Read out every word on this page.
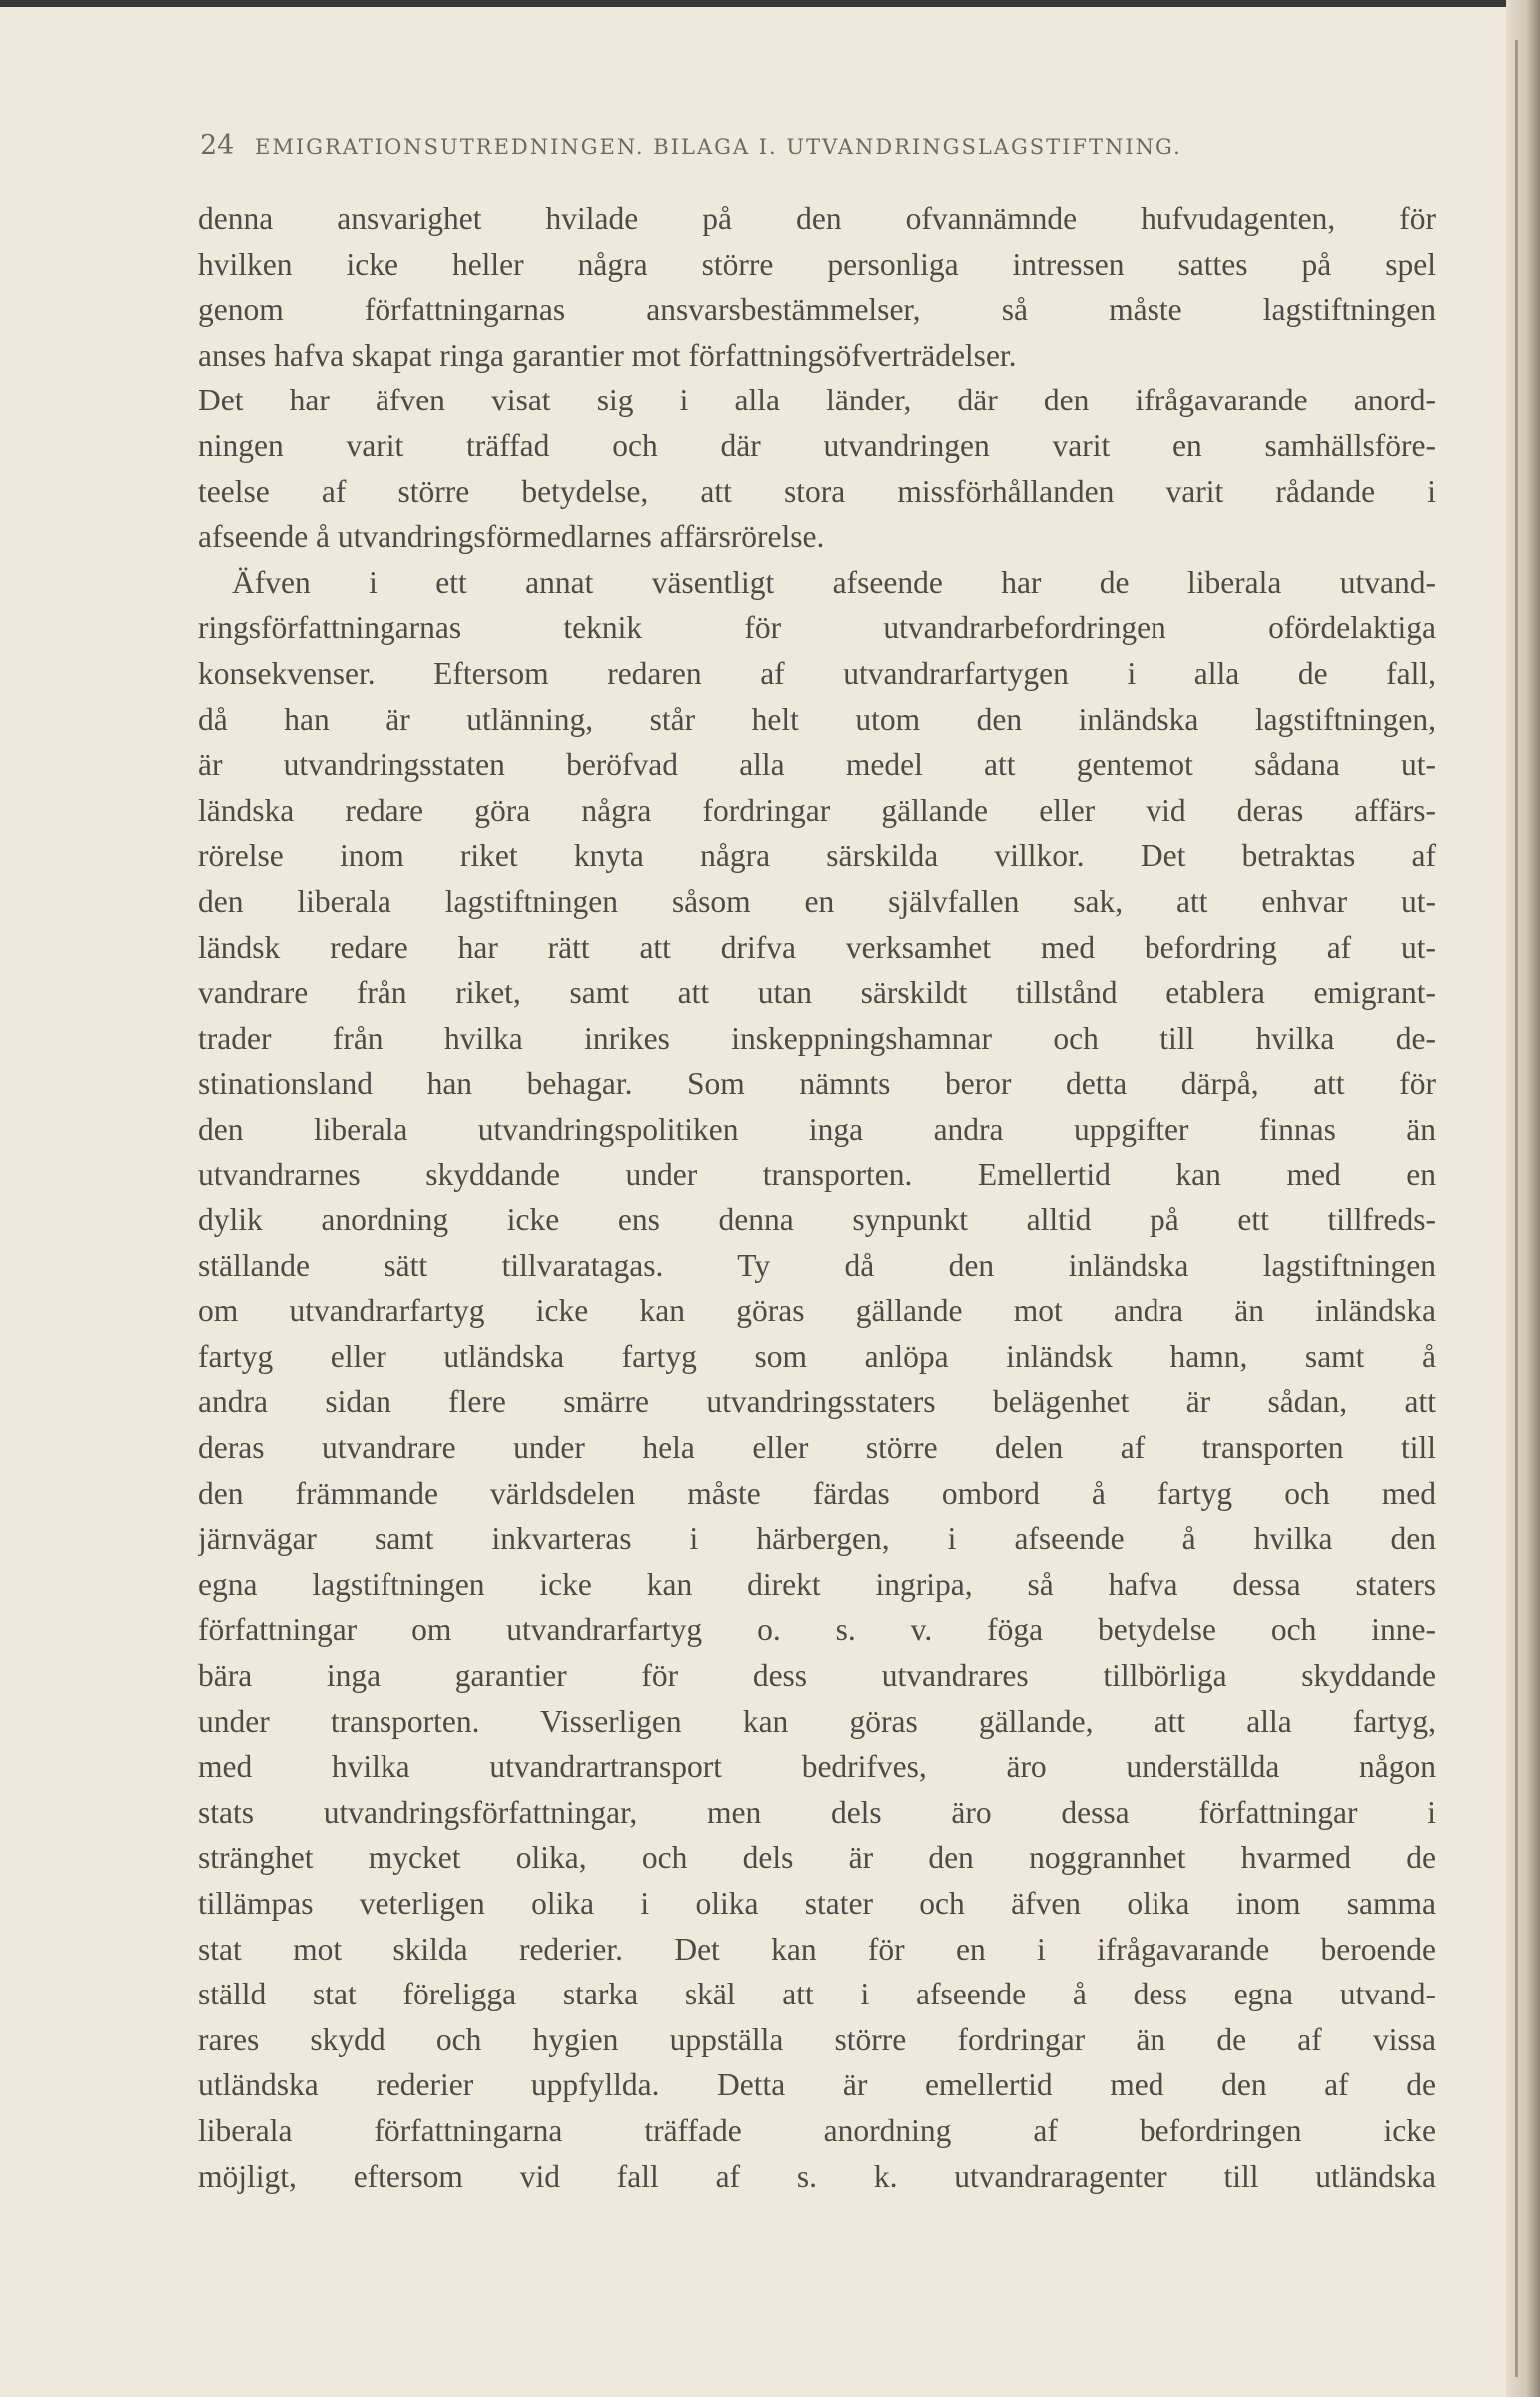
24 EMIGRATIONSUTREDNINGEN. BILAGA I. UTVANDRINGSLAGSTIFTNING.
denna ansvarighet hvilade på den ofvannämnde hufvudagenten, för
hvilken icke heller några större personliga intressen sattes på spel
genom författningarnas ansvarsbestämmelser, så måste lagstiftningen
anses hafva skapat ringa garantier mot författningsöfverträdelser.
Det har äfven visat sig i alla länder, där den ifrågavarande anord-
ningen varit träffad och där utvandringen varit en samhällsföre-
teelse af större betydelse, att stora missförhållanden varit rådande i
afseende å utvandringsförmedlarnes affärsrörelse.
Äfven i ett annat väsentligt afseende har de liberala utvand-
ringsförfattningarnas teknik för utvandrarbefordringen ofördelaktiga
konsekvenser. Eftersom redaren af utvandrarfartygen i alla de fall,
då han är utlänning, står helt utom den inländska lagstiftningen,
är utvandringsstaten beröfvad alla medel att gentemot sådana ut-
ländska redare göra några fordringar gällande eller vid deras affärs-
rörelse inom riket knyta några särskilda villkor. Det betraktas af
den liberala lagstiftningen såsom en självfallen sak, att enhvar ut-
ländsk redare har rätt att drifva verksamhet med befordring af ut-
vandrare från riket, samt att utan särskildt tillstånd etablera emigrant-
trader från hvilka inrikes inskeppningshamnar och till hvilka de-
stinationsland han behagar. Som nämnts beror detta därpå, att för
den liberala utvandringspolitiken inga andra uppgifter finnas än
utvandrarnes skyddande under transporten. Emellertid kan med en
dylik anordning icke ens denna synpunkt alltid på ett tillfreds-
ställande sätt tillvaratagas. Ty då den inländska lagstiftningen
om utvandrarfartyg icke kan göras gällande mot andra än inländska
fartyg eller utländska fartyg som anlöpa inländsk hamn, samt å
andra sidan flere smärre utvandringsstaters belägenhet är sådan, att
deras utvandrare under hela eller större delen af transporten till
den främmande världsdelen måste färdas ombord å fartyg och med
järnvägar samt inkvarteras i härbergen, i afseende å hvilka den
egna lagstiftningen icke kan direkt ingripa, så hafva dessa staters
författningar om utvandrarfartyg o. s. v. föga betydelse och inne-
bära inga garantier för dess utvandrares tillbörliga skyddande
under transporten. Visserligen kan göras gällande, att alla fartyg,
med hvilka utvandrartransport bedrifves, äro underställda någon
stats utvandringsförfattningar, men dels äro dessa författningar i
stränghet mycket olika, och dels är den noggrannhet hvarmed de
tillämpas veterligen olika i olika stater och äfven olika inom samma
stat mot skilda rederier. Det kan för en i ifrågavarande beroende
ställd stat föreligga starka skäl att i afseende å dess egna utvand-
rares skydd och hygien uppställa större fordringar än de af vissa
utländska rederier uppfyllda. Detta är emellertid med den af de
liberala författningarna träffade anordning af befordringen icke
möjligt, eftersom vid fall af s. k. utvandraragenter till utländska
